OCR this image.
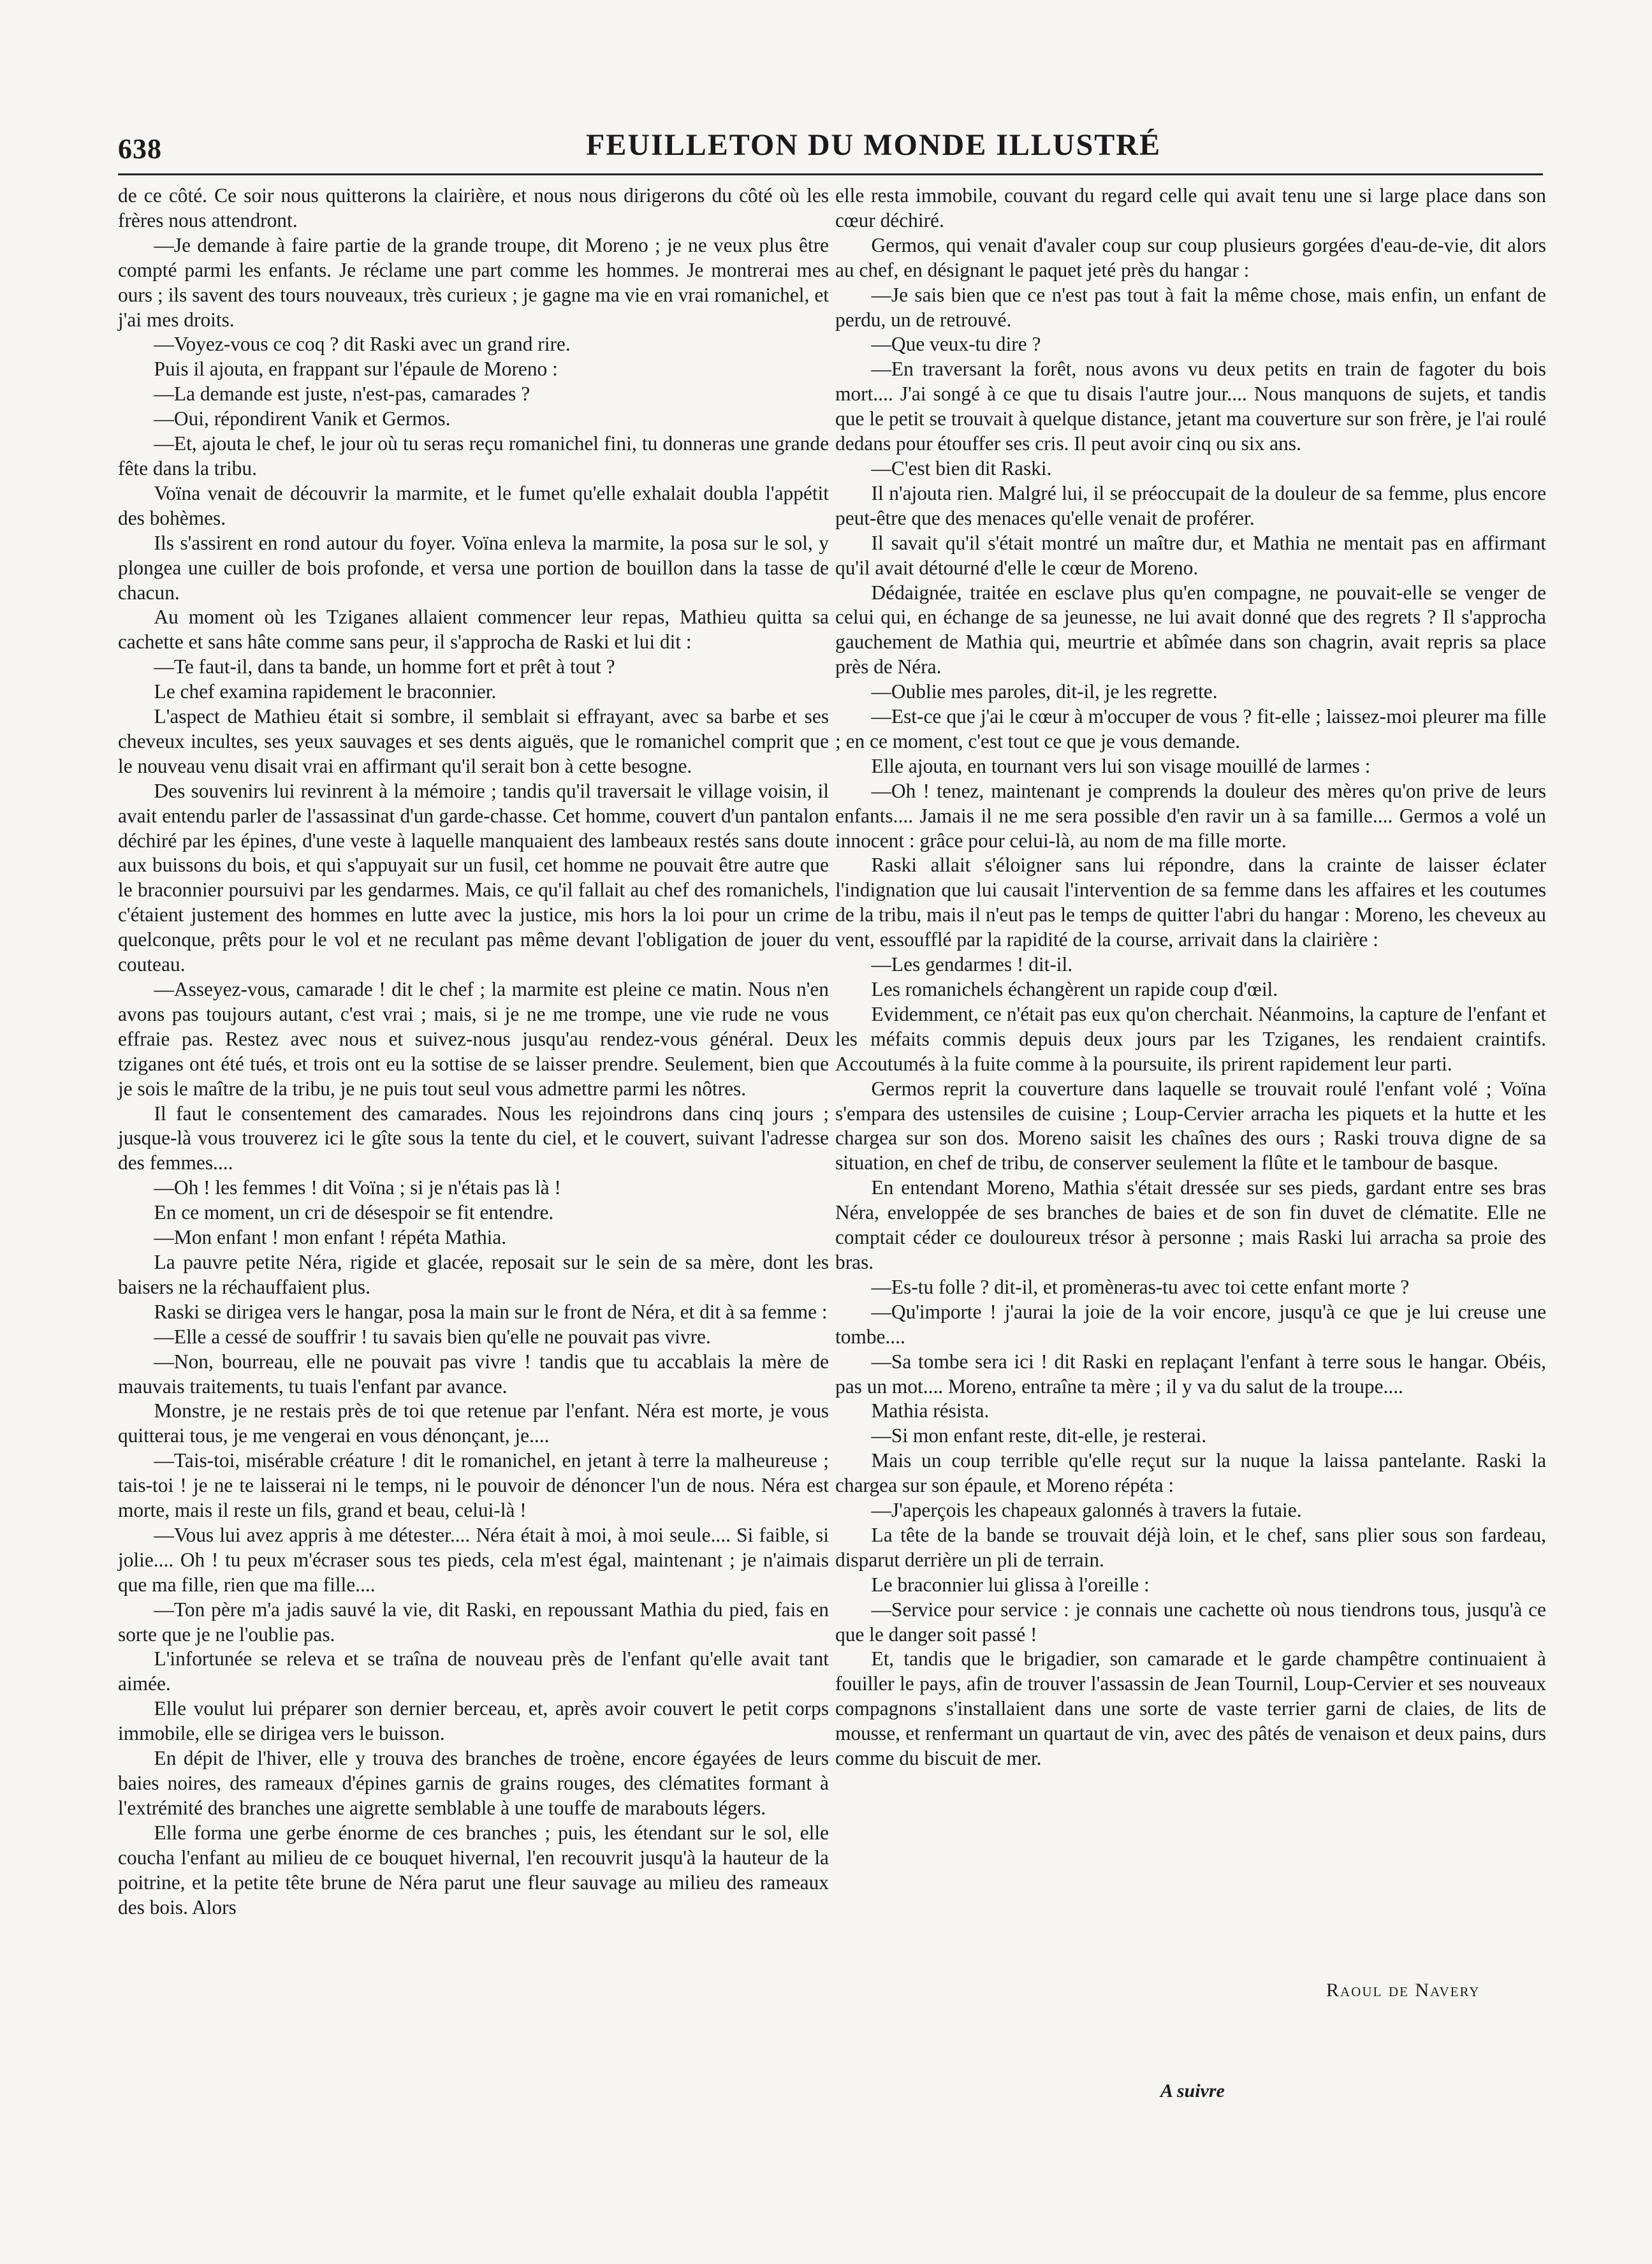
638	FEUILLETON DU MONDE ILLUSTRÉ

de ce côté. Ce soir nous quitterons la clairière, et nous nous dirigerons du côté où les frères nous attendront.

—Je demande à faire partie de la grande troupe, dit Moreno ; je ne veux plus être compté parmi les enfants. Je réclame une part comme les hommes. Je montrerai mes ours ; ils savent des tours nouveaux, très curieux ; je gagne ma vie en vrai romanichel, et j'ai mes droits.

—Voyez-vous ce coq ? dit Raski avec un grand rire.

Puis il ajouta, en frappant sur l'épaule de Moreno :

—La demande est juste, n'est-pas, camarades ?

—Oui, répondirent Vanik et Germos.

—Et, ajouta le chef, le jour où tu seras reçu romanichel fini, tu donneras une grande fête dans la tribu.

Voïna venait de découvrir la marmite, et le fumet qu'elle exhalait doubla l'appétit des bohèmes.

Ils s'assirent en rond autour du foyer. Voïna enleva la marmite, la posa sur le sol, y plongea une cuiller de bois profonde, et versa une portion de bouillon dans la tasse de chacun.

Au moment où les Tziganes allaient commencer leur repas, Mathieu quitta sa cachette et sans hâte comme sans peur, il s'approcha de Raski et lui dit :

—Te faut-il, dans ta bande, un homme fort et prêt à tout ?

Le chef examina rapidement le braconnier.

L'aspect de Mathieu était si sombre, il semblait si effrayant, avec sa barbe et ses cheveux incultes, ses yeux sauvages et ses dents aiguës, que le romanichel comprit que le nouveau venu disait vrai en affirmant qu'il serait bon à cette besogne.

Des souvenirs lui revinrent à la mémoire ; tandis qu'il traversait le village voisin, il avait entendu parler de l'assassinat d'un garde-chasse. Cet homme, couvert d'un pantalon déchiré par les épines, d'une veste à laquelle manquaient des lambeaux restés sans doute aux buissons du bois, et qui s'appuyait sur un fusil, cet homme ne pouvait être autre que le braconnier poursuivi par les gendarmes. Mais, ce qu'il fallait au chef des romanichels, c'étaient justement des hommes en lutte avec la justice, mis hors la loi pour un crime quelconque, prêts pour le vol et ne reculant pas même devant l'obligation de jouer du couteau.

—Asseyez-vous, camarade ! dit le chef ; la marmite est pleine ce matin. Nous n'en avons pas toujours autant, c'est vrai ; mais, si je ne me trompe, une vie rude ne vous effraie pas. Restez avec nous et suivez-nous jusqu'au rendez-vous général. Deux tziganes ont été tués, et trois ont eu la sottise de se laisser prendre. Seulement, bien que je sois le maître de la tribu, je ne puis tout seul vous admettre parmi les nôtres.

Il faut le consentement des camarades. Nous les rejoindrons dans cinq jours ; jusque-là vous trouverez ici le gîte sous la tente du ciel, et le couvert, suivant l'adresse des femmes....

—Oh ! les femmes ! dit Voïna ; si je n'étais pas là !

En ce moment, un cri de désespoir se fit entendre.

—Mon enfant ! mon enfant ! répéta Mathia.

La pauvre petite Néra, rigide et glacée, reposait sur le sein de sa mère, dont les baisers ne la réchauffaient plus.

Raski se dirigea vers le hangar, posa la main sur le front de Néra, et dit à sa femme :

—Elle a cessé de souffrir ! tu savais bien qu'elle ne pouvait pas vivre.

—Non, bourreau, elle ne pouvait pas vivre ! tandis que tu accablais la mère de mauvais traitements, tu tuais l'enfant par avance.

Monstre, je ne restais près de toi que retenue par l'enfant. Néra est morte, je vous quitterai tous, je me vengerai en vous dénonçant, je....

—Tais-toi, misérable créature ! dit le romanichel, en jetant à terre la malheureuse ; tais-toi ! je ne te laisserai ni le temps, ni le pouvoir de dénoncer l'un de nous. Néra est morte, mais il reste un fils, grand et beau, celui-là !

—Vous lui avez appris à me détester.... Néra était à moi, à moi seule.... Si faible, si jolie.... Oh ! tu peux m'écraser sous tes pieds, cela m'est égal, maintenant ; je n'aimais que ma fille, rien que ma fille....

—Ton père m'a jadis sauvé la vie, dit Raski, en repoussant Mathia du pied, fais en sorte que je ne l'oublie pas.

L'infortunée se releva et se traîna de nouveau près de l'enfant qu'elle avait tant aimée.

Elle voulut lui préparer son dernier berceau, et, après avoir couvert le petit corps immobile, elle se dirigea vers le buisson.

En dépit de l'hiver, elle y trouva des branches de troène, encore égayées de leurs baies noires, des rameaux d'épines garnis de grains rouges, des clématites formant à l'extrémité des branches une aigrette semblable à une touffe de marabouts légers.

Elle forma une gerbe énorme de ces branches ; puis, les étendant sur le sol, elle coucha l'enfant au milieu de ce bouquet hivernal, l'en recouvrit jusqu'à la hauteur de la poitrine, et la petite tête brune de Néra parut une fleur sauvage au milieu des rameaux des bois. Alors

elle resta immobile, couvant du regard celle qui avait tenu une si large place dans son cœur déchiré.

Germos, qui venait d'avaler coup sur coup plusieurs gorgées d'eau-de-vie, dit alors au chef, en désignant le paquet jeté près du hangar :

—Je sais bien que ce n'est pas tout à fait la même chose, mais enfin, un enfant de perdu, un de retrouvé.

—Que veux-tu dire ?

—En traversant la forêt, nous avons vu deux petits en train de fagoter du bois mort.... J'ai songé à ce que tu disais l'autre jour.... Nous manquons de sujets, et tandis que le petit se trouvait à quelque distance, jetant ma couverture sur son frère, je l'ai roulé dedans pour étouffer ses cris. Il peut avoir cinq ou six ans.

—C'est bien dit Raski.

Il n'ajouta rien. Malgré lui, il se préoccupait de la douleur de sa femme, plus encore peut-être que des menaces qu'elle venait de proférer.

Il savait qu'il s'était montré un maître dur, et Mathia ne mentait pas en affirmant qu'il avait détourné d'elle le cœur de Moreno.

Dédaignée, traitée en esclave plus qu'en compagne, ne pouvait-elle se venger de celui qui, en échange de sa jeunesse, ne lui avait donné que des regrets ? Il s'approcha gauchement de Mathia qui, meurtrie et abîmée dans son chagrin, avait repris sa place près de Néra.

—Oublie mes paroles, dit-il, je les regrette.

—Est-ce que j'ai le cœur à m'occuper de vous ? fit-elle ; laissez-moi pleurer ma fille ; en ce moment, c'est tout ce que je vous demande.

Elle ajouta, en tournant vers lui son visage mouillé de larmes :

—Oh ! tenez, maintenant je comprends la douleur des mères qu'on prive de leurs enfants.... Jamais il ne me sera possible d'en ravir un à sa famille.... Germos a volé un innocent : grâce pour celui-là, au nom de ma fille morte.

Raski allait s'éloigner sans lui répondre, dans la crainte de laisser éclater l'indignation que lui causait l'intervention de sa femme dans les affaires et les coutumes de la tribu, mais il n'eut pas le temps de quitter l'abri du hangar : Moreno, les cheveux au vent, essoufflé par la rapidité de la course, arrivait dans la clairière :

—Les gendarmes ! dit-il.

Les romanichels échangèrent un rapide coup d'œil.

Evidemment, ce n'était pas eux qu'on cherchait. Néanmoins, la capture de l'enfant et les méfaits commis depuis deux jours par les Tziganes, les rendaient craintifs. Accoutumés à la fuite comme à la poursuite, ils prirent rapidement leur parti.

Germos reprit la couverture dans laquelle se trouvait roulé l'enfant volé ; Voïna s'empara des ustensiles de cuisine ; Loup-Cervier arracha les piquets et la hutte et les chargea sur son dos. Moreno saisit les chaînes des ours ; Raski trouva digne de sa situation, en chef de tribu, de conserver seulement la flûte et le tambour de basque.

En entendant Moreno, Mathia s'était dressée sur ses pieds, gardant entre ses bras Néra, enveloppée de ses branches de baies et de son fin duvet de clématite. Elle ne comptait céder ce douloureux trésor à personne ; mais Raski lui arracha sa proie des bras.

—Es-tu folle ? dit-il, et promèneras-tu avec toi cette enfant morte ?

—Qu'importe ! j'aurai la joie de la voir encore, jusqu'à ce que je lui creuse une tombe....

—Sa tombe sera ici ! dit Raski en replaçant l'enfant à terre sous le hangar. Obéis, pas un mot.... Moreno, entraîne ta mère ; il y va du salut de la troupe....

Mathia résista.

—Si mon enfant reste, dit-elle, je resterai.

Mais un coup terrible qu'elle reçut sur la nuque la laissa pantelante. Raski la chargea sur son épaule, et Moreno répéta :

—J'aperçois les chapeaux galonnés à travers la futaie.

La tête de la bande se trouvait déjà loin, et le chef, sans plier sous son fardeau, disparut derrière un pli de terrain.

Le braconnier lui glissa à l'oreille :

—Service pour service : je connais une cachette où nous tiendrons tous, jusqu'à ce que le danger soit passé !

Et, tandis que le brigadier, son camarade et le garde champêtre continuaient à fouiller le pays, afin de trouver l'assassin de Jean Tournil, Loup-Cervier et ses nouveaux compagnons s'installaient dans une sorte de vaste terrier garni de claies, de lits de mousse, et renfermant un quartaut de vin, avec des pâtés de venaison et deux pains, durs comme du biscuit de mer.

Raoul de Navery
A suivre
